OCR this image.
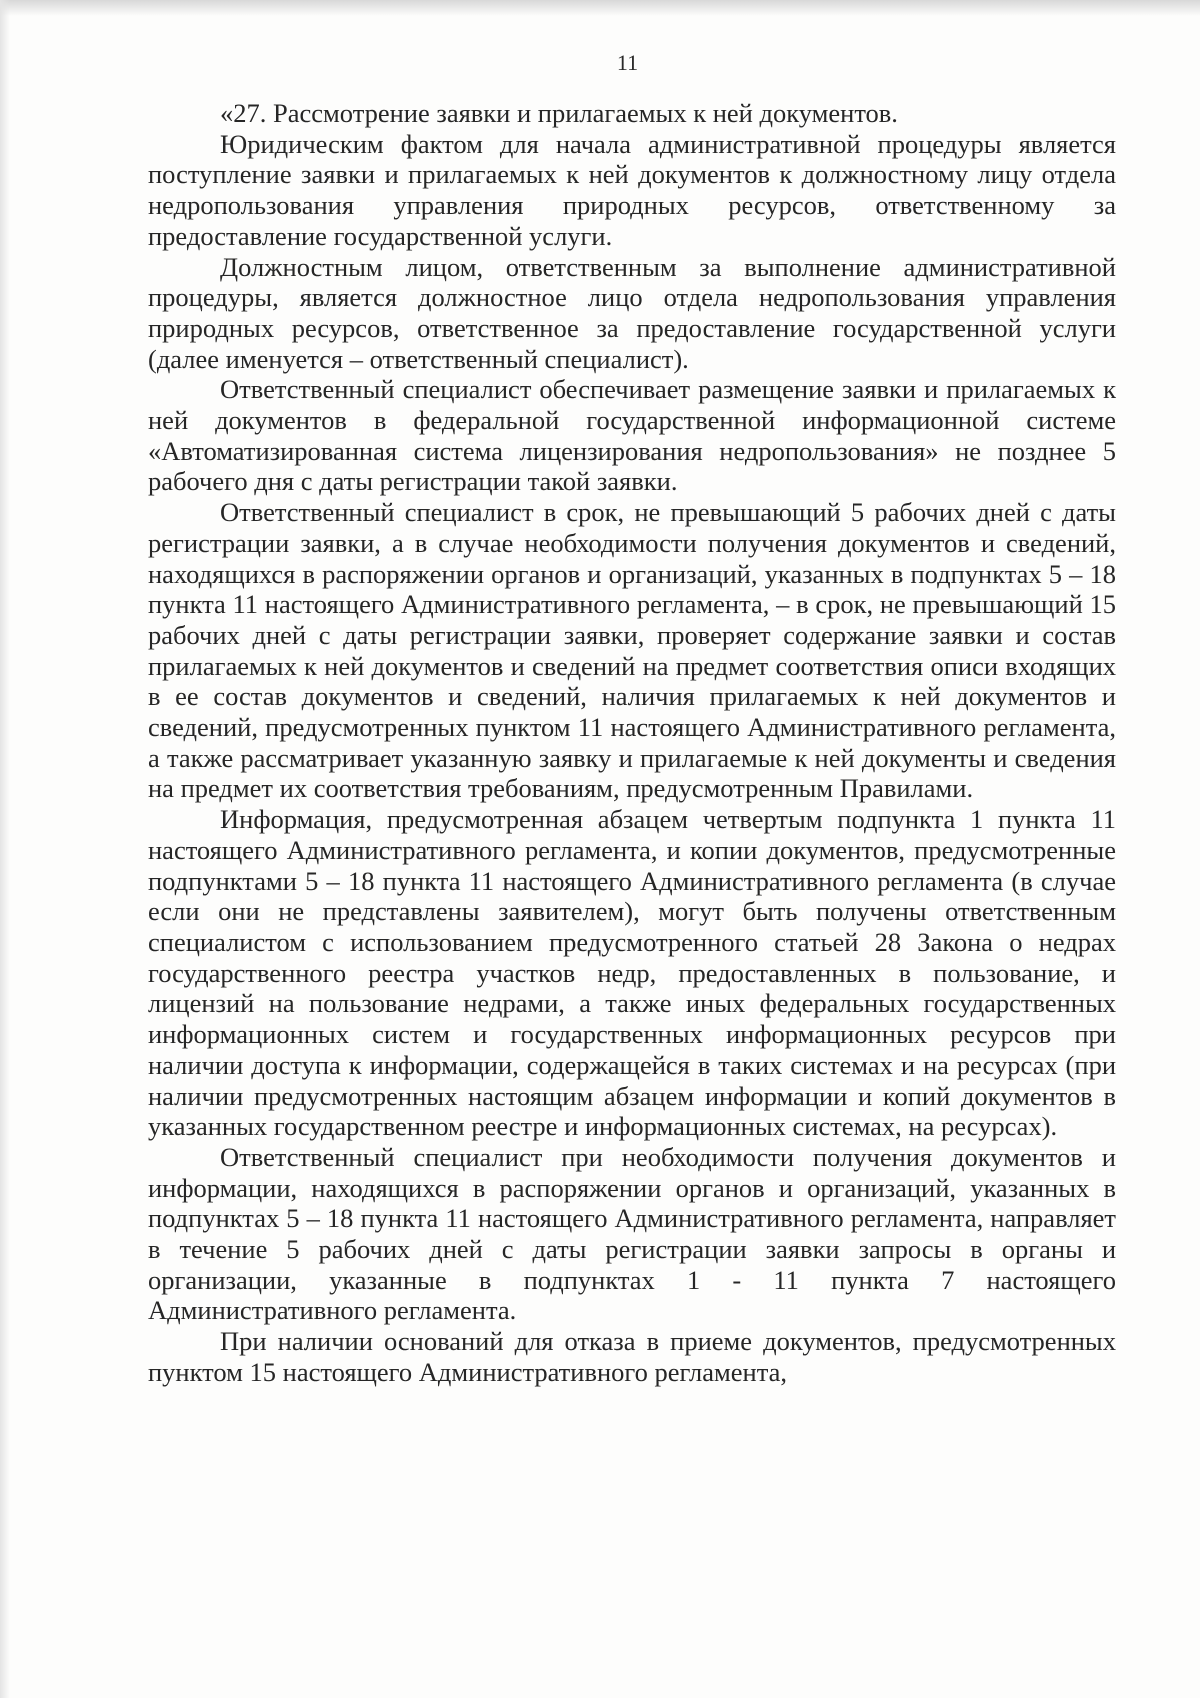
11

«27. Рассмотрение заявки и прилагаемых к ней документов.

Юридическим фактом для начала административной процедуры является поступление заявки и прилагаемых к ней документов к должностному лицу отдела недропользования управления природных ресурсов, ответственному за предоставление государственной услуги.

Должностным лицом, ответственным за выполнение административной процедуры, является должностное лицо отдела недропользования управления природных ресурсов, ответственное за предоставление государственной услуги (далее именуется – ответственный специалист).

Ответственный специалист обеспечивает размещение заявки и прилагаемых к ней документов в федеральной государственной информационной системе «Автоматизированная система лицензирования недропользования» не позднее 5 рабочего дня с даты регистрации такой заявки.

Ответственный специалист в срок, не превышающий 5 рабочих дней с даты регистрации заявки, а в случае необходимости получения документов и сведений, находящихся в распоряжении органов и организаций, указанных в подпунктах 5 – 18 пункта 11 настоящего Административного регламента, – в срок, не превышающий 15 рабочих дней с даты регистрации заявки, проверяет содержание заявки и состав прилагаемых к ней документов и сведений на предмет соответствия описи входящих в ее состав документов и сведений, наличия прилагаемых к ней документов и сведений, предусмотренных пунктом 11 настоящего Административного регламента, а также рассматривает указанную заявку и прилагаемые к ней документы и сведения на предмет их соответствия требованиям, предусмотренным Правилами.

Информация, предусмотренная абзацем четвертым подпункта 1 пункта 11 настоящего Административного регламента, и копии документов, предусмотренные подпунктами 5 – 18 пункта 11 настоящего Административного регламента (в случае если они не представлены заявителем), могут быть получены ответственным специалистом с использованием предусмотренного статьей 28 Закона о недрах государственного реестра участков недр, предоставленных в пользование, и лицензий на пользование недрами, а также иных федеральных государственных информационных систем и государственных информационных ресурсов при наличии доступа к информации, содержащейся в таких системах и на ресурсах (при наличии предусмотренных настоящим абзацем информации и копий документов в указанных государственном реестре и информационных системах, на ресурсах).

Ответственный специалист при необходимости получения документов и информации, находящихся в распоряжении органов и организаций, указанных в подпунктах 5 – 18 пункта 11 настоящего Административного регламента, направляет в течение 5 рабочих дней с даты регистрации заявки запросы в органы и организации, указанные в подпунктах 1 - 11 пункта 7 настоящего Административного регламента.

При наличии оснований для отказа в приеме документов, предусмотренных пунктом 15 настоящего Административного регламента,
